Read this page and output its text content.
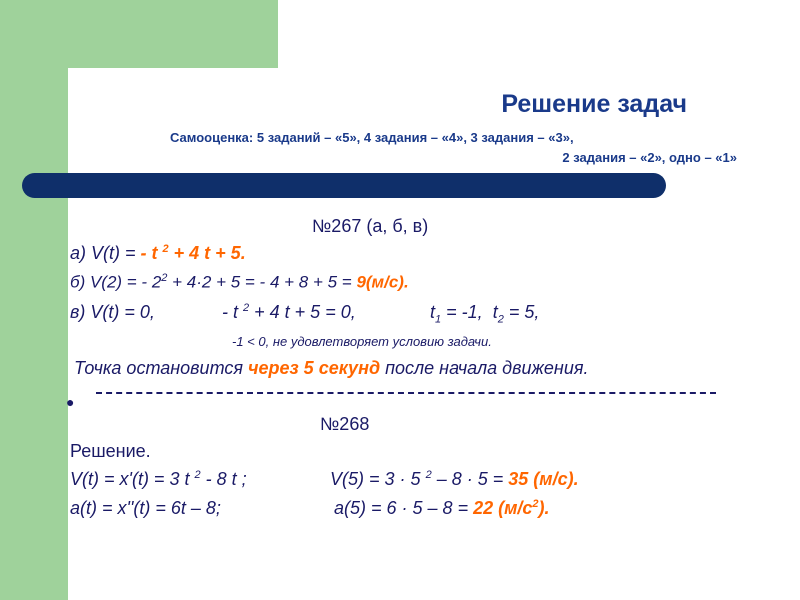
Решение задач
Самооценка: 5 заданий – «5», 4 задания – «4», 3 задания – «3»,
2 задания – «2», одно – «1»
№267 (а, б, в)
а) V(t) = - t $^2$ + 4 t + 5.
б) V(2) = - $2^2 + 4\cdot 2 + 5$ = - 4 + 8 + 5 = 9(м/с).
в) V(t) = 0,	- t $^2$ + 4 t + 5 = 0,	$t_1 = -1$, $t_2 = 5$,
-1 < 0, не удовлетворяет условию задачи.
Точка остановится через 5 секунд после начала движения.
●
№268
Решение.
V(t) = x'(t) = 3 t $^2$ - 8 t ;	V(5) = 3 · 5 $^2$ – 8 · 5 = 35 (м/с).
a(t) = x''(t) = 6t – 8;	a(5) = 6 · 5 – 8 = 22 $(м/с^2)$.
